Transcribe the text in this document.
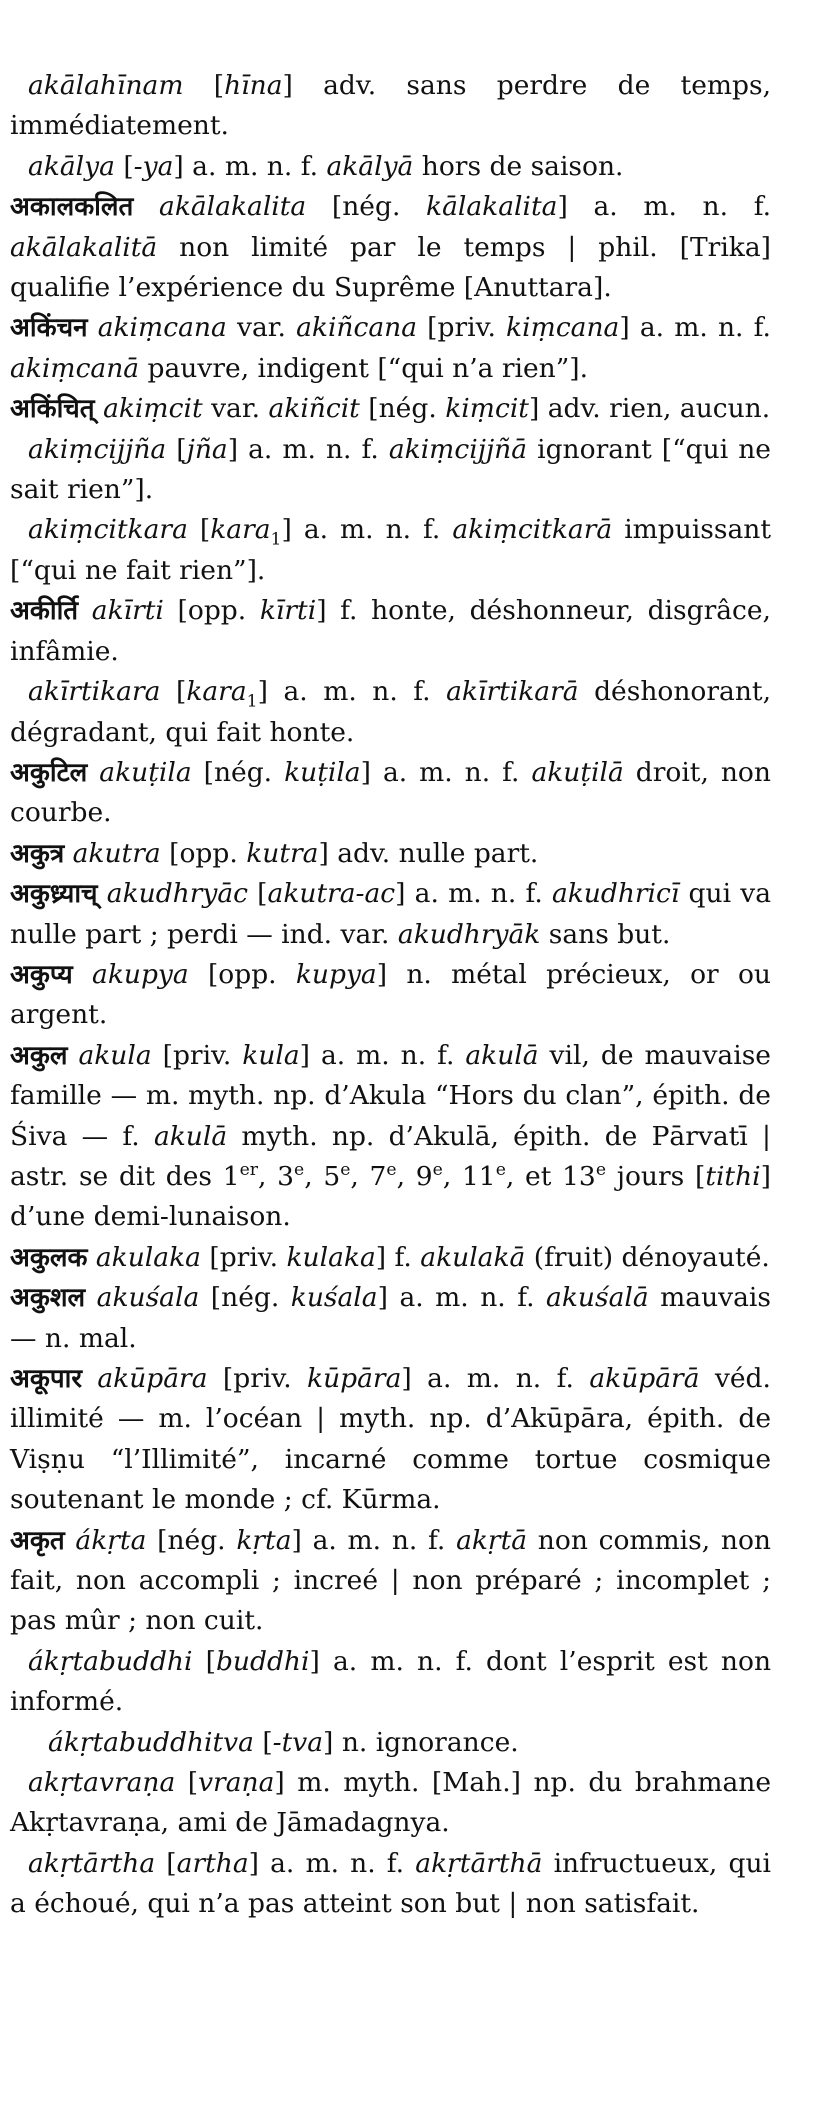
akālahīnam [hīna] adv. sans perdre de temps, immédiatement.

akālya [-ya] a. m. n. f. akālyā hors de saison.

अकालकलित akālakalita [nég. kālakalita] a. m. n. f. akālakalitā non limité par le temps | phil. [Trika] qualifie l’expérience du Suprême [Anuttara].

अकिंचन akiṃcana var. akiñcana [priv. kiṃcana] a. m. n. f. akiṃcanā pauvre, indigent [“qui n’a rien”].

अकिंचित् akiṃcit var. akiñcit [nég. kiṃcit] adv. rien, aucun.

akiṃcijjña [jña] a. m. n. f. akiṃcijjñā ignorant [“qui ne sait rien”].

akiṃcitkara [kara$_1$] a. m. n. f. akiṃcitkarā impuissant [“qui ne fait rien”].

अकीर्ति akīrti [opp. kīrti] f. honte, déshonneur, disgrâce, infâmie.

akīrtikara [kara$_1$] a. m. n. f. akīrtikarā déshonorant, dégradant, qui fait honte.

अकुटिल akuṭila [nég. kuṭila] a. m. n. f. akuṭilā droit, non courbe.

अकुत्र akutra [opp. kutra] adv. nulle part.

अकुध्र्याच् akudhryāc [akutra-ac] a. m. n. f. akudhricī qui va nulle part ; perdi — ind. var. akudhryāk sans but.

अकुप्य akupya [opp. kupya] n. métal précieux, or ou argent.

अकुल akula [priv. kula] a. m. n. f. akulā vil, de mauvaise famille — m. myth. np. d’Akula “Hors du clan”, épith. de Śiva — f. akulā myth. np. d’Akulā, épith. de Pārvatī | astr. se dit des 1er, 3e, 5e, 7e, 9e, 11e, et 13e jours [tithi] d’une demi-lunaison.

अकुलक akulaka [priv. kulaka] f. akulakā (fruit) dénoyauté.

अकुशल akuśala [nég. kuśala] a. m. n. f. akuśalā mauvais — n. mal.

अकूपार akūpāra [priv. kūpāra] a. m. n. f. akūpārā véd. illimité — m. l’océan | myth. np. d’Akūpāra, épith. de Viṣṇu “l’Illimité”, incarné comme tortue cosmique soutenant le monde ; cf. Kūrma.

अकृत ákṛta [nég. kṛta] a. m. n. f. akṛtā non commis, non fait, non accompli ; increé | non préparé ; incomplet ; pas mûr ; non cuit.

ákṛtabuddhi [buddhi] a. m. n. f. dont l’esprit est non informé.

ákṛtabuddhitva [-tva] n. ignorance.

akṛtavraṇa [vraṇa] m. myth. [Mah.] np. du brahmane Akṛtavraṇa, ami de Jāmadagnya.

akṛtārtha [artha] a. m. n. f. akṛtārthā infructueux, qui a échoué, qui n’a pas atteint son but | non satisfait.
